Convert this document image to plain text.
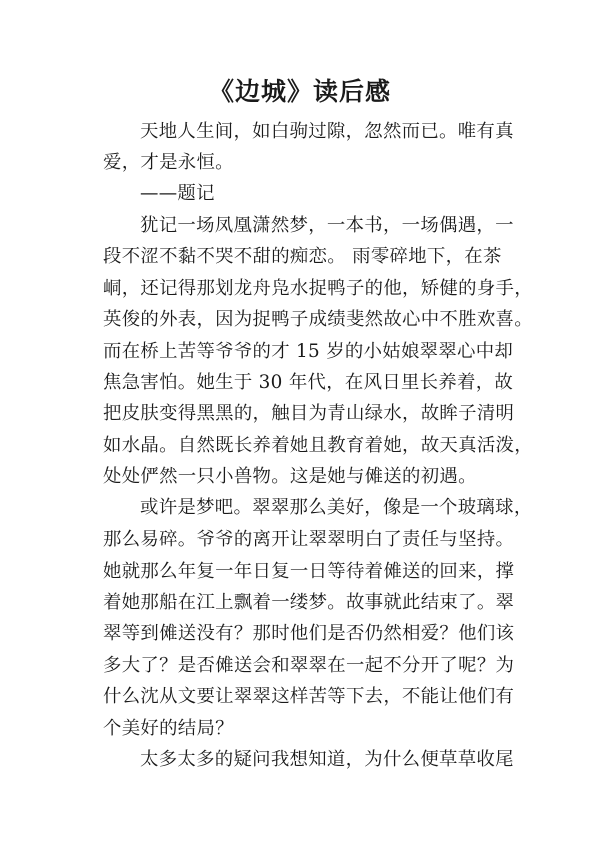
《边城》读后感
天地人生间，如白驹过隙，忽然而已。唯有真
爱，才是永恒。
——题记
犹记一场凤凰潇然梦，一本书，一场偶遇，一
段不涩不黏不哭不甜的痴恋。 雨零碎地下，在茶
峒，还记得那划龙舟凫水捉鸭子的他，矫健的身手，
英俊的外表，因为捉鸭子成绩斐然故心中不胜欢喜。
而在桥上苦等爷爷的才 15 岁的小姑娘翠翠心中却
焦急害怕。她生于 30 年代，在风日里长养着，故
把皮肤变得黑黑的，触目为青山绿水，故眸子清明
如水晶。自然既长养着她且教育着她，故天真活泼，
处处俨然一只小兽物。这是她与傩送的初遇。
或许是梦吧。翠翠那么美好，像是一个玻璃球，
那么易碎。爷爷的离开让翠翠明白了责任与坚持。
她就那么年复一年日复一日等待着傩送的回来，撑
着她那船在江上飘着一缕梦。故事就此结束了。翠
翠等到傩送没有？那时他们是否仍然相爱？他们该
多大了？是否傩送会和翠翠在一起不分开了呢？为
什么沈从文要让翠翠这样苦等下去，不能让他们有
个美好的结局？
太多太多的疑问我想知道，为什么便草草收尾
